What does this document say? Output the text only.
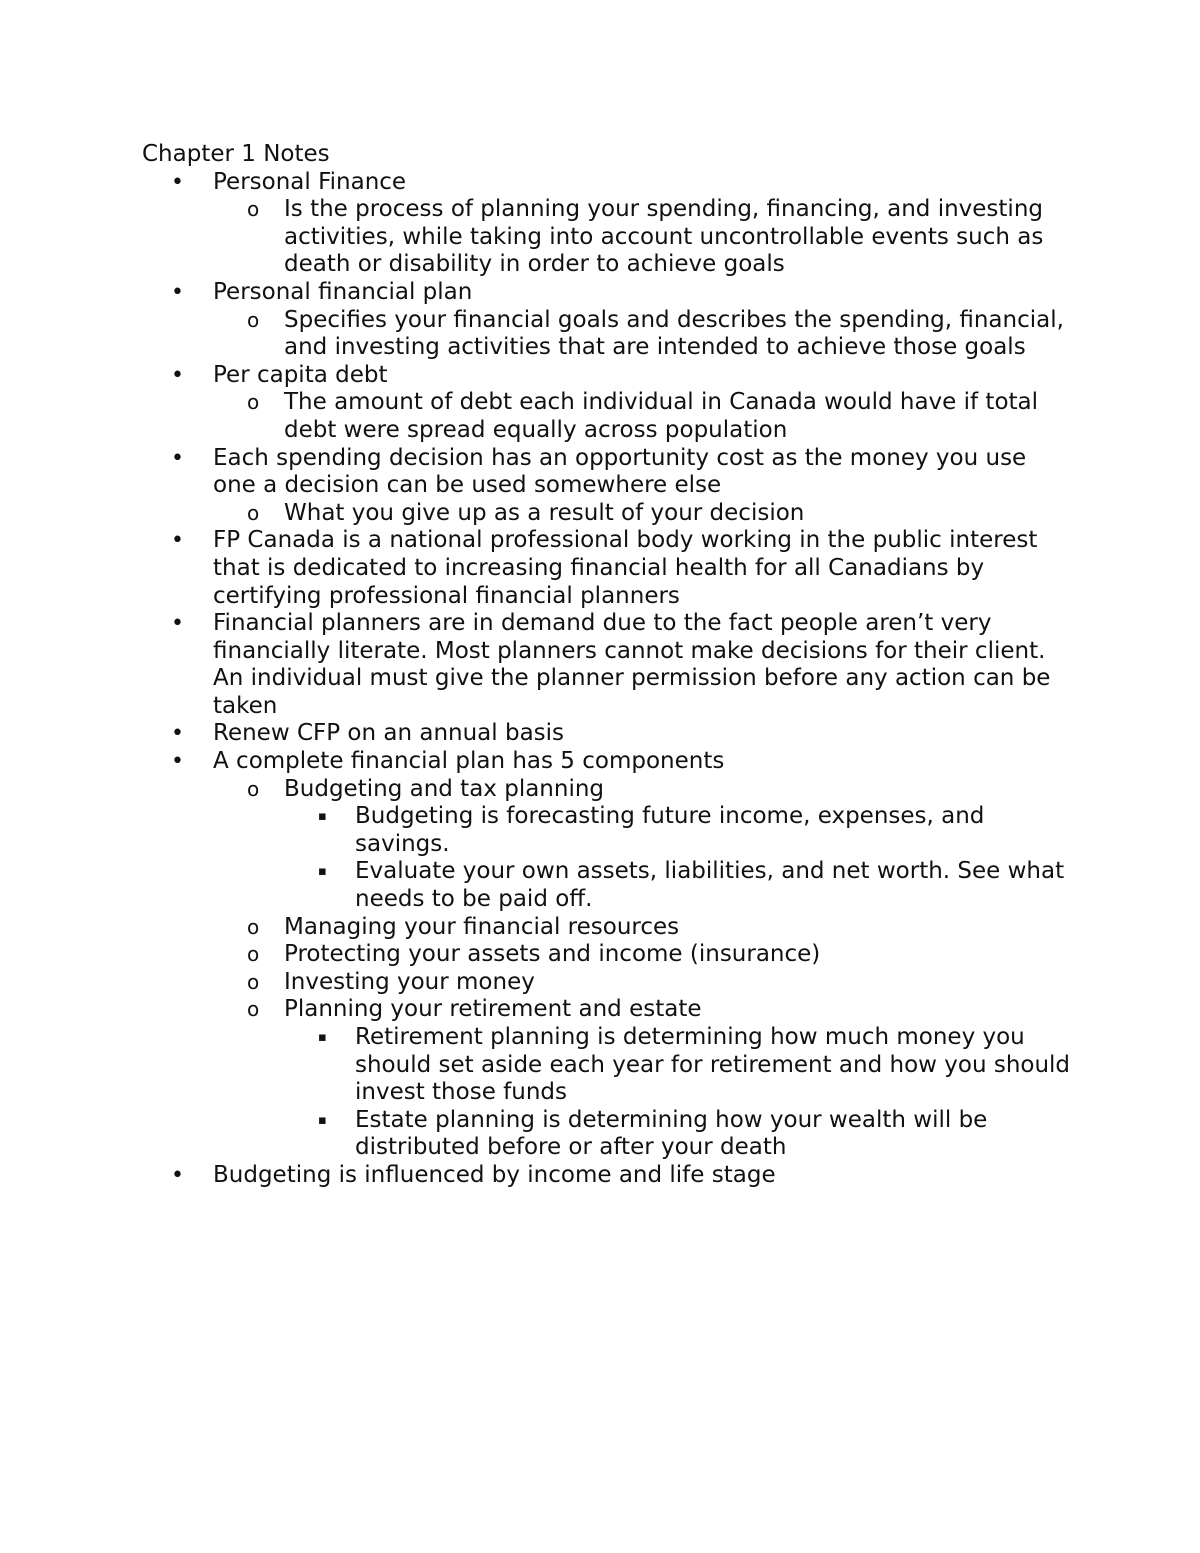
Chapter 1 Notes
• Personal Finance
o Is the process of planning your spending, financing, and investing activities, while taking into account uncontrollable events such as death or disability in order to achieve goals
• Personal financial plan
o Specifies your financial goals and describes the spending, financial, and investing activities that are intended to achieve those goals
• Per capita debt
o The amount of debt each individual in Canada would have if total debt were spread equally across population
• Each spending decision has an opportunity cost as the money you use one a decision can be used somewhere else
o What you give up as a result of your decision
• FP Canada is a national professional body working in the public interest that is dedicated to increasing financial health for all Canadians by certifying professional financial planners
• Financial planners are in demand due to the fact people aren’t very financially literate. Most planners cannot make decisions for their client. An individual must give the planner permission before any action can be taken
• Renew CFP on an annual basis
• A complete financial plan has 5 components
o Budgeting and tax planning
▪ Budgeting is forecasting future income, expenses, and savings.
▪ Evaluate your own assets, liabilities, and net worth. See what needs to be paid off.
o Managing your financial resources
o Protecting your assets and income (insurance)
o Investing your money
o Planning your retirement and estate
▪ Retirement planning is determining how much money you should set aside each year for retirement and how you should invest those funds
▪ Estate planning is determining how your wealth will be distributed before or after your death
• Budgeting is influenced by income and life stage
